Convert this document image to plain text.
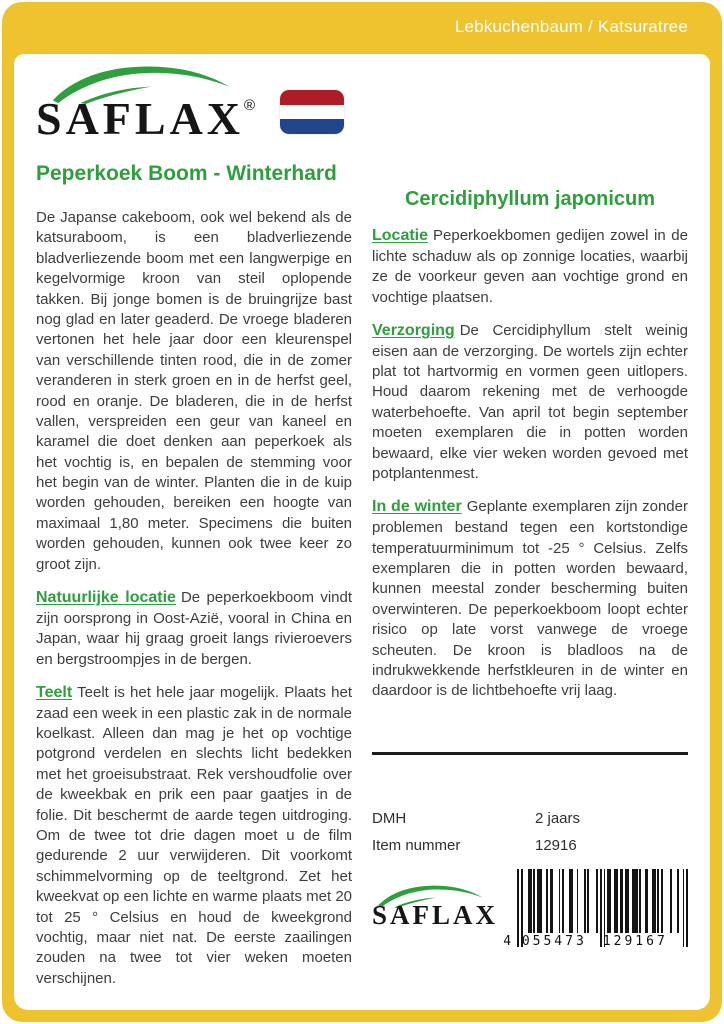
Lebkuchenbaum / Katsuratree
SAFLAX®
Peperkoek Boom - Winterhard

De Japanse cakeboom, ook wel bekend als de katsuraboom, is een bladverliezende bladverliezende boom met een langwerpige en kegelvormige kroon van steil oplopende takken. Bij jonge bomen is de bruingrijze bast nog glad en later geaderd. De vroege bladeren vertonen het hele jaar door een kleurenspel van verschillende tinten rood, die in de zomer veranderen in sterk groen en in de herfst geel, rood en oranje. De bladeren, die in de herfst vallen, verspreiden een geur van kaneel en karamel die doet denken aan peperkoek als het vochtig is, en bepalen de stemming voor het begin van de winter. Planten die in de kuip worden gehouden, bereiken een hoogte van maximaal 1,80 meter. Specimens die buiten worden gehouden, kunnen ook twee keer zo groot zijn.

Natuurlijke locatie De peperkoekboom vindt zijn oorsprong in Oost-Azië, vooral in China en Japan, waar hij graag groeit langs rivieroevers en bergstroompjes in de bergen.

Teelt Teelt is het hele jaar mogelijk. Plaats het zaad een week in een plastic zak in de normale koelkast. Alleen dan mag je het op vochtige potgrond verdelen en slechts licht bedekken met het groeisubstraat. Rek vershoudfolie over de kweekbak en prik een paar gaatjes in de folie. Dit beschermt de aarde tegen uitdroging. Om de twee tot drie dagen moet u de film gedurende 2 uur verwijderen. Dit voorkomt schimmelvorming op de teeltgrond. Zet het kweekvat op een lichte en warme plaats met 20 tot 25 ° Celsius en houd de kweekgrond vochtig, maar niet nat. De eerste zaailingen zouden na twee tot vier weken moeten verschijnen.

Cercidiphyllum japonicum

Locatie Peperkoekbomen gedijen zowel in de lichte schaduw als op zonnige locaties, waarbij ze de voorkeur geven aan vochtige grond en vochtige plaatsen.

Verzorging De Cercidiphyllum stelt weinig eisen aan de verzorging. De wortels zijn echter plat tot hartvormig en vormen geen uitlopers. Houd daarom rekening met de verhoogde waterbehoefte. Van april tot begin september moeten exemplaren die in potten worden bewaard, elke vier weken worden gevoed met potplantenmest.

In de winter Geplante exemplaren zijn zonder problemen bestand tegen een kortstondige temperatuurminimum tot -25 ° Celsius. Zelfs exemplaren die in potten worden bewaard, kunnen meestal zonder bescherming buiten overwinteren. De peperkoekboom loopt echter risico op late vorst vanwege de vroege scheuten. De kroon is bladloos na de indrukwekkende herfstkleuren in de winter en daardoor is de lichtbehoefte vrij laag.

DMH	2 jaars
Item nummer	12916
SAFLAX
4 055473	129167
